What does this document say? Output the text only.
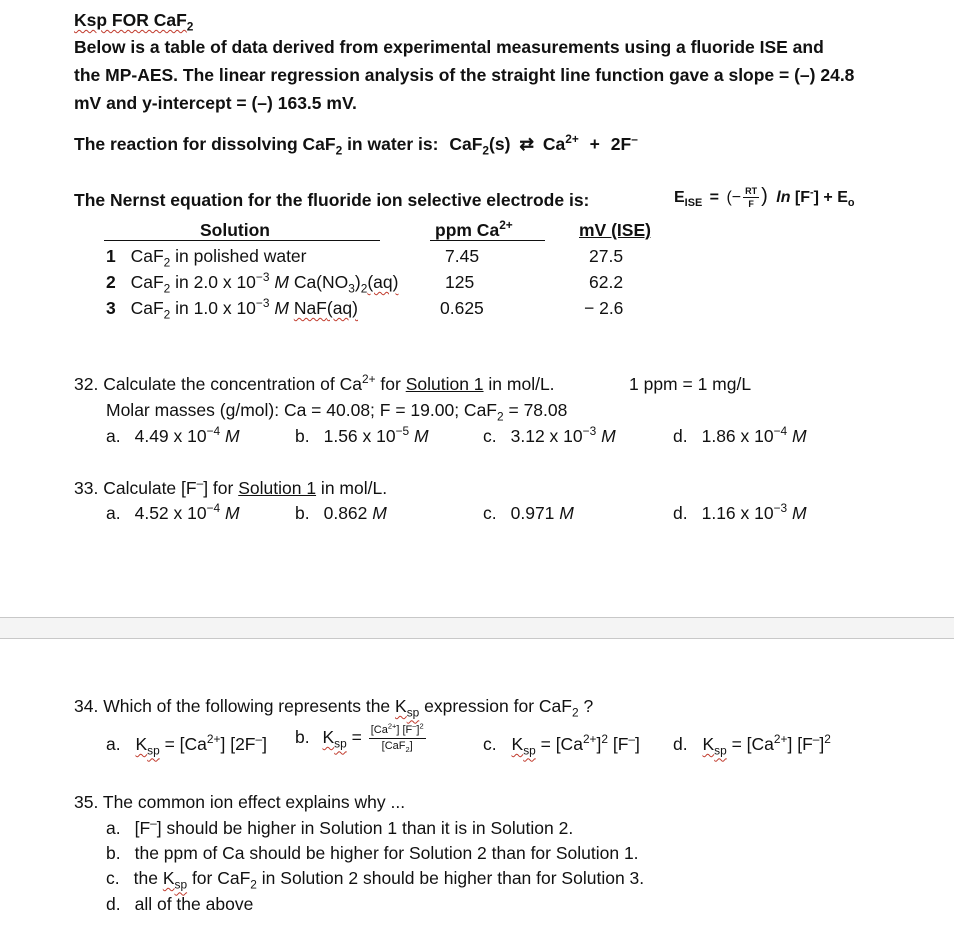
Ksp FOR CaF$_2$
Below is a table of data derived from experimental measurements using a fluoride ISE and
the MP-AES. The linear regression analysis of the straight line function gave a slope = (–) 24.8
mV and y-intercept = (–) 163.5 mV.
The reaction for dissolving CaF$_2$ in water is: CaF$_2$(s) ⇄ $Ca^{2+} + 2F^-$
The Nernst equation for the fluoride ion selective electrode is:	$E_{ISE}$ = (− $\frac{RT}{F}$ ) $\ln [F^-] + E_o$
Solution	ppm $Ca^{2+}$	mV (ISE)
1 CaF$_2$ in polished water	7.45	27.5
2 CaF$_2$ in 2.0 x $10^{-3}$ M $Ca(NO_3)_2(aq)$	125	62.2
3 CaF$_2$ in 1.0 x $10^{-3}$ M NaF(aq)	0.625	− 2.6
32. Calculate the concentration of $Ca^{2+}$ for Solution 1 in mol/L.	1 ppm = 1 mg/L
Molar masses (g/mol): Ca = 40.08; F = 19.00; CaF$_2$ = 78.08
a. 4.49 x $10^{-4}$ M	b. 1.56 x $10^{-5}$ M	c. 3.12 x $10^{-3}$ M	d. 1.86 x $10^{-4}$ M
33. Calculate [F–] for Solution 1 in mol/L.
a. 4.52 x $10^{-4}$ M	b. 0.862 M	c. 0.971 M	d. 1.16 x $10^{-3}$ M
34. Which of the following represents the $K_{sp}$ expression for CaF$_2$ ?
a. $K_{sp} = [Ca^{2+}]$ [2F–] b. $K_{sp} = \frac{[Ca^{2+}] [F^-]^2}{[CaF_2]}$	c. $K_{sp} = [Ca^{2+}]^2$ [F–] d. $K_{sp} = [Ca^{2+}]$ $[F^-]^2$
35. The common ion effect explains why ...
a. [F–] should be higher in Solution 1 than it is in Solution 2.
b. the ppm of Ca should be higher for Solution 2 than for Solution 1.
c. the $K_{sp}$ for CaF$_2$ in Solution 2 should be higher than for Solution 3.
d. all of the above
